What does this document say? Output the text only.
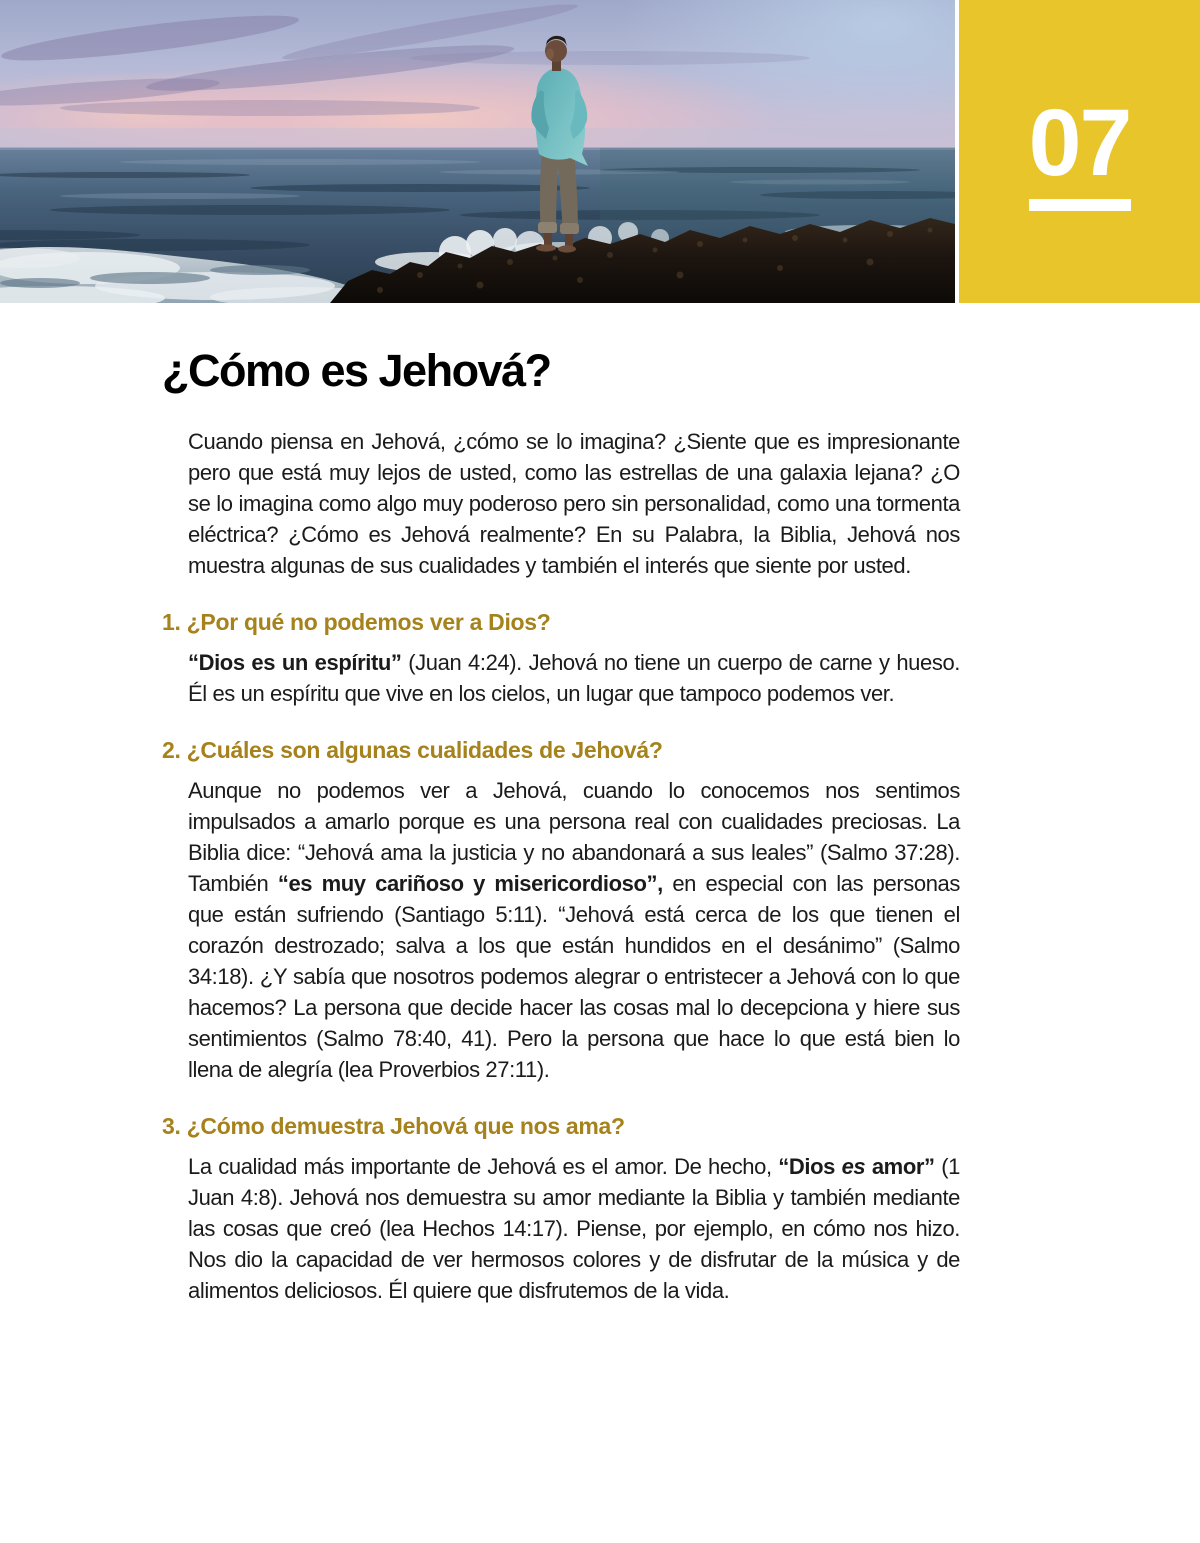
07
¿Cómo es Jehová?

Cuando piensa en Jehová, ¿cómo se lo imagina? ¿Siente que es impresionante pero que está muy lejos de usted, como las estrellas de una galaxia lejana? ¿O se lo imagina como algo muy poderoso pero sin personalidad, como una tormenta eléctrica? ¿Cómo es Jehová realmente? En su Palabra, la Biblia, Jehová nos muestra algunas de sus cualidades y también el interés que siente por usted.

1. ¿Por qué no podemos ver a Dios?

“Dios es un espíritu” (Juan 4:24). Jehová no tiene un cuerpo de carne y hueso. Él es un espíritu que vive en los cielos, un lugar que tampoco podemos ver.

2. ¿Cuáles son algunas cualidades de Jehová?

Aunque no podemos ver a Jehová, cuando lo conocemos nos sentimos impulsados a amarlo porque es una persona real con cualidades preciosas. La Biblia dice: “Jehová ama la justicia y no abandonará a sus leales” (Salmo 37:28). También “es muy cariñoso y misericordioso”, en especial con las personas que están sufriendo (Santiago 5:11). “Jehová está cerca de los que tienen el corazón destrozado; salva a los que están hundidos en el desánimo” (Salmo 34:18). ¿Y sabía que nosotros podemos alegrar o entristecer a Jehová con lo que hacemos? La persona que decide hacer las cosas mal lo decepciona y hiere sus sentimientos (Salmo 78:40, 41). Pero la persona que hace lo que está bien lo llena de alegría (lea Proverbios 27:11).

3. ¿Cómo demuestra Jehová que nos ama?

La cualidad más importante de Jehová es el amor. De hecho, “Dios es amor” (1 Juan 4:8). Jehová nos demuestra su amor mediante la Biblia y también mediante las cosas que creó (lea Hechos 14:17). Piense, por ejemplo, en cómo nos hizo. Nos dio la capacidad de ver hermosos colores y de disfrutar de la música y de alimentos deliciosos. Él quiere que disfrutemos de la vida.
